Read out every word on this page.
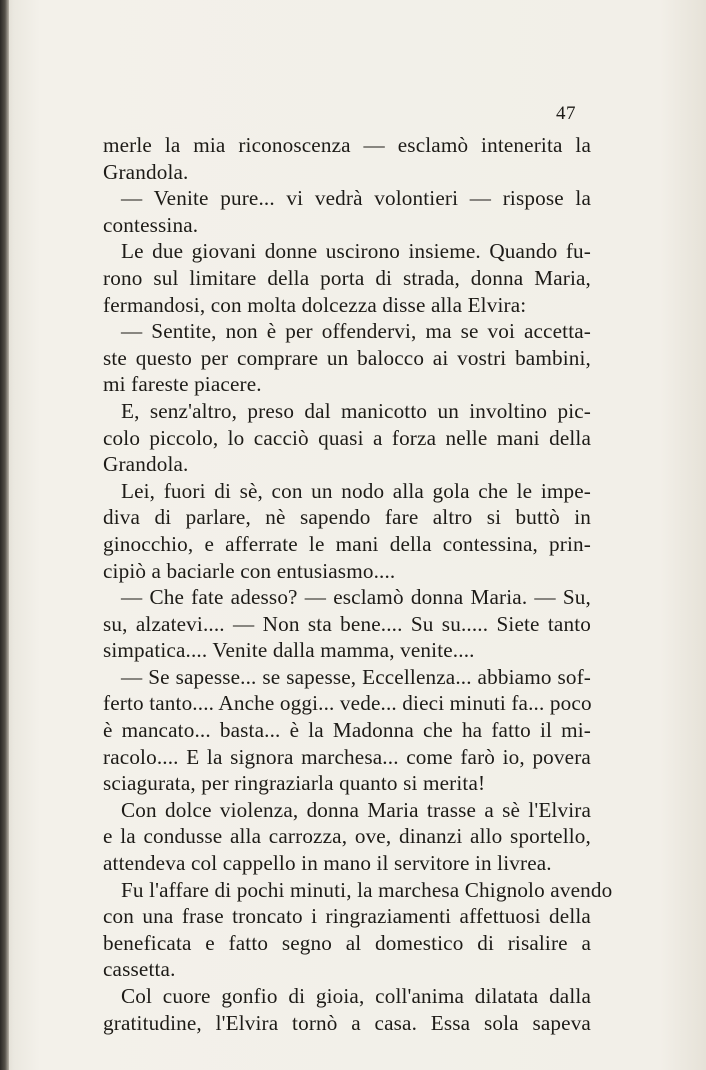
47

merle la mia riconoscenza — esclamò intenerita la
Grandola.

— Venite pure... vi vedrà volontieri — rispose la
contessina.

Le due giovani donne uscirono insieme. Quando fu-
rono sul limitare della porta di strada, donna Maria,
fermandosi, con molta dolcezza disse alla Elvira:

— Sentite, non è per offendervi, ma se voi accetta-
ste questo per comprare un balocco ai vostri bambini,
mi fareste piacere.

E, senz'altro, preso dal manicotto un involtino pic-
colo piccolo, lo cacciò quasi a forza nelle mani della
Grandola.

Lei, fuori di sè, con un nodo alla gola che le impe-
diva di parlare, nè sapendo fare altro si buttò in
ginocchio, e afferrate le mani della contessina, prin-
cipiò a baciarle con entusiasmo....

— Che fate adesso? — esclamò donna Maria. — Su,
su, alzatevi.... — Non sta bene.... Su su..... Siete tanto
simpatica.... Venite dalla mamma, venite....

— Se sapesse... se sapesse, Eccellenza... abbiamo sof-
ferto tanto.... Anche oggi... vede... dieci minuti fa... poco
è mancato... basta... è la Madonna che ha fatto il mi-
racolo.... E la signora marchesa... come farò io, povera
sciagurata, per ringraziarla quanto si merita!

Con dolce violenza, donna Maria trasse a sè l'Elvira
e la condusse alla carrozza, ove, dinanzi allo sportello,
attendeva col cappello in mano il servitore in livrea.

Fu l'affare di pochi minuti, la marchesa Chignolo avendo
con una frase troncato i ringraziamenti affettuosi della
beneficata e fatto segno al domestico di risalire a
cassetta.

Col cuore gonfio di gioia, coll'anima dilatata dalla
gratitudine, l'Elvira tornò a casa. Essa sola sapeva
